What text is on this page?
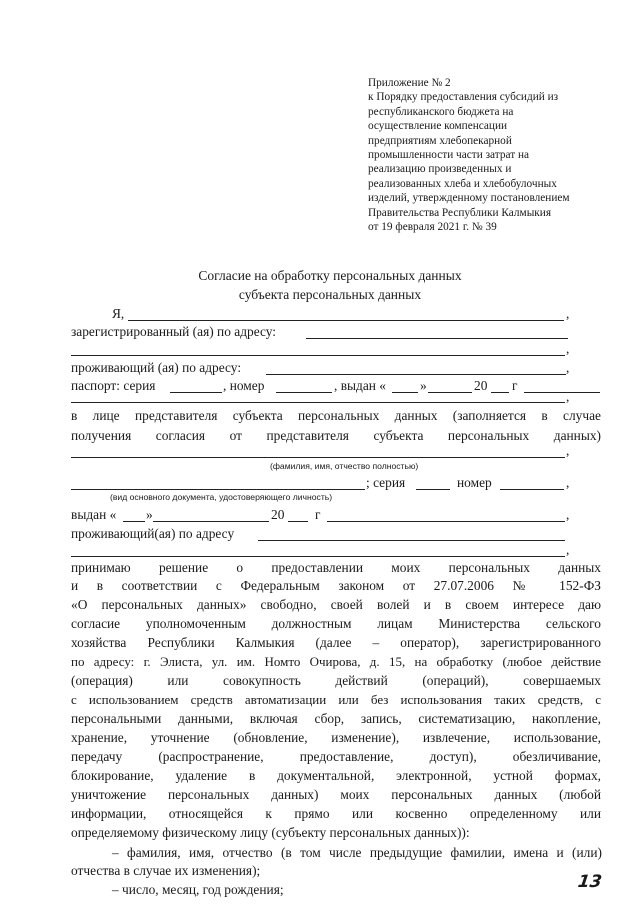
Приложение № 2
к Порядку предоставления субсидий из
республиканского бюджета на
осуществление компенсации
предприятиям хлебопекарной
промышленности части затрат на
реализацию произведенных и
реализованных хлеба и хлебобулочных
изделий, утвержденному постановлением
Правительства Республики Калмыкия
от 19 февраля 2021 г. № 39
Согласие на обработку персональных данных
субъекта персональных данных
Я,	,
зарегистрированный (ая) по адресу:
,
проживающий (ая) по адресу:	,
паспорт: серия	, номер	, выдан «	»	20 г
,
в лице представителя субъекта персональных данных (заполняется в случае
получения согласия от представителя субъекта персональных данных)
,
(фамилия, имя, отчество полностью)
; серия	номер	,
(вид основного документа, удостоверяющего личность)
выдан «	»	20 г	,
проживающий(ая) по адресу
,
принимаю решение о предоставлении моих персональных данных
и в соответствии с Федеральным законом от 27.07.2006 № 152-ФЗ
«О персональных данных» свободно, своей волей и в своем интересе даю
согласие уполномоченным должностным лицам Министерства сельского
хозяйства Республики Калмыкия (далее – оператор), зарегистрированного
по адресу: г. Элиста, ул. им. Номто Очирова, д. 15, на обработку (любое действие
(операция) или совокупность действий (операций), совершаемых
с использованием средств автоматизации или без использования таких средств, с
персональными данными, включая сбор, запись, систематизацию, накопление,
хранение, уточнение (обновление, изменение), извлечение, использование,
передачу (распространение, предоставление, доступ), обезличивание,
блокирование, удаление в документальной, электронной, устной формах,
уничтожение персональных данных) моих персональных данных (любой
информации, относящейся к прямо или косвенно определенному или
определяемому физическому лицу (субъекту персональных данных)):
– фамилия, имя, отчество (в том числе предыдущие фамилии, имена и (или)
отчества в случае их изменения);
– число, месяц, год рождения;	13
